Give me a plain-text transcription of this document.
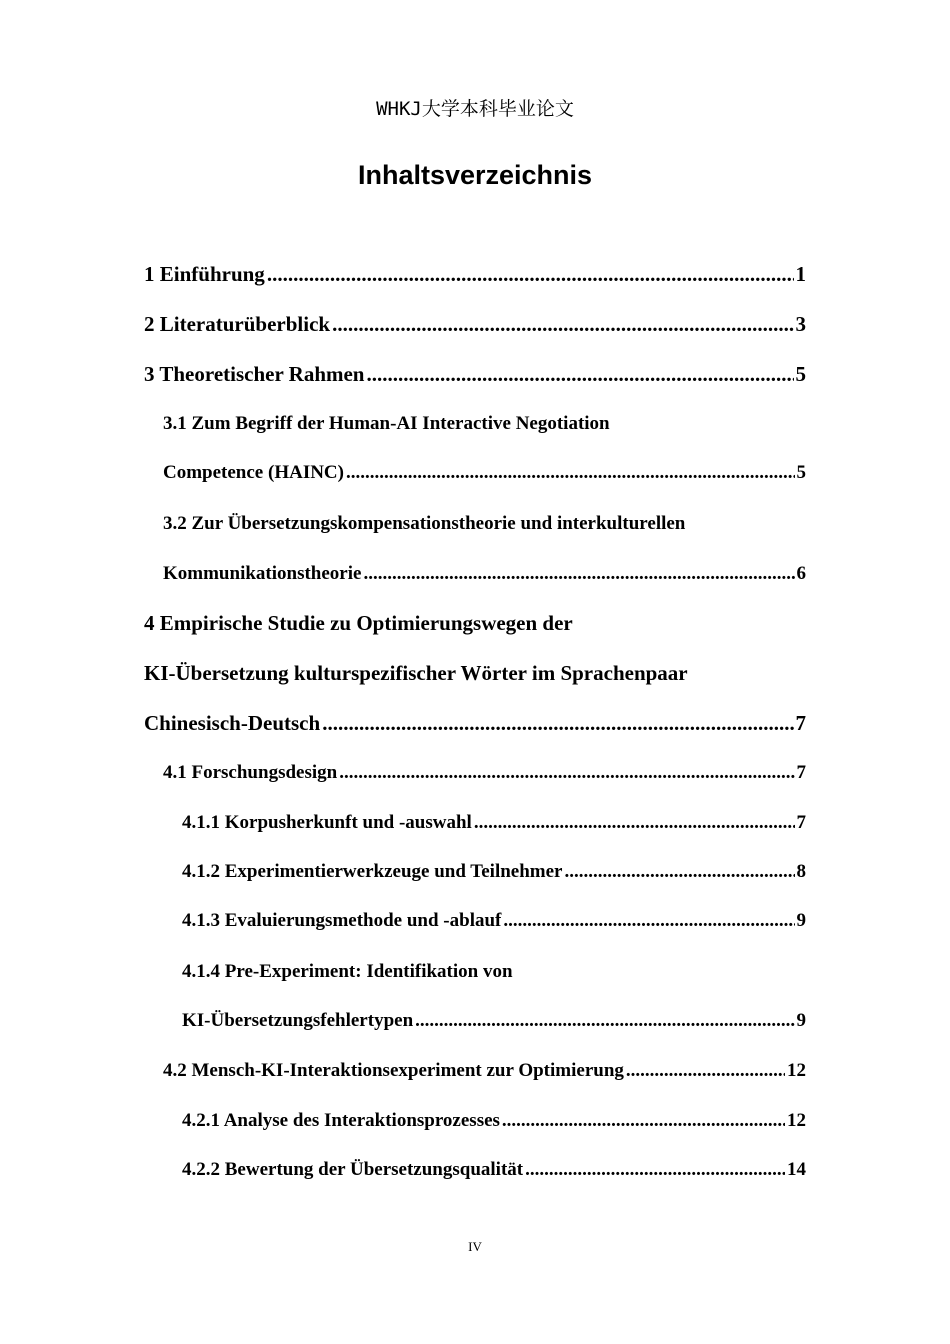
WHKJ大学本科毕业论文
Inhaltsverzeichnis
1 Einführung .....	1
2 Literaturüberblick .....	3
3 Theoretischer Rahmen .....	5
3.1 Zum Begriff der Human-AI Interactive Negotiation
Competence (HAINC) .....	5
3.2 Zur Übersetzungskompensationstheorie und interkulturellen
Kommunikationstheorie .....	6
4 Empirische Studie zu Optimierungswegen der
KI-Übersetzung kulturspezifischer Wörter im Sprachenpaar
Chinesisch-Deutsch .....	7
4.1 Forschungsdesign .....	7
4.1.1 Korpusherkunft und -auswahl .....	7
4.1.2 Experimentierwerkzeuge und Teilnehmer .....	8
4.1.3 Evaluierungsmethode und -ablauf .....	9
4.1.4 Pre-Experiment: Identifikation von
KI-Übersetzungsfehlertypen .....	9
4.2 Mensch-KI-Interaktionsexperiment zur Optimierung .....	12
4.2.1 Analyse des Interaktionsprozesses .....	12
4.2.2 Bewertung der Übersetzungsqualität .....	14
IV
